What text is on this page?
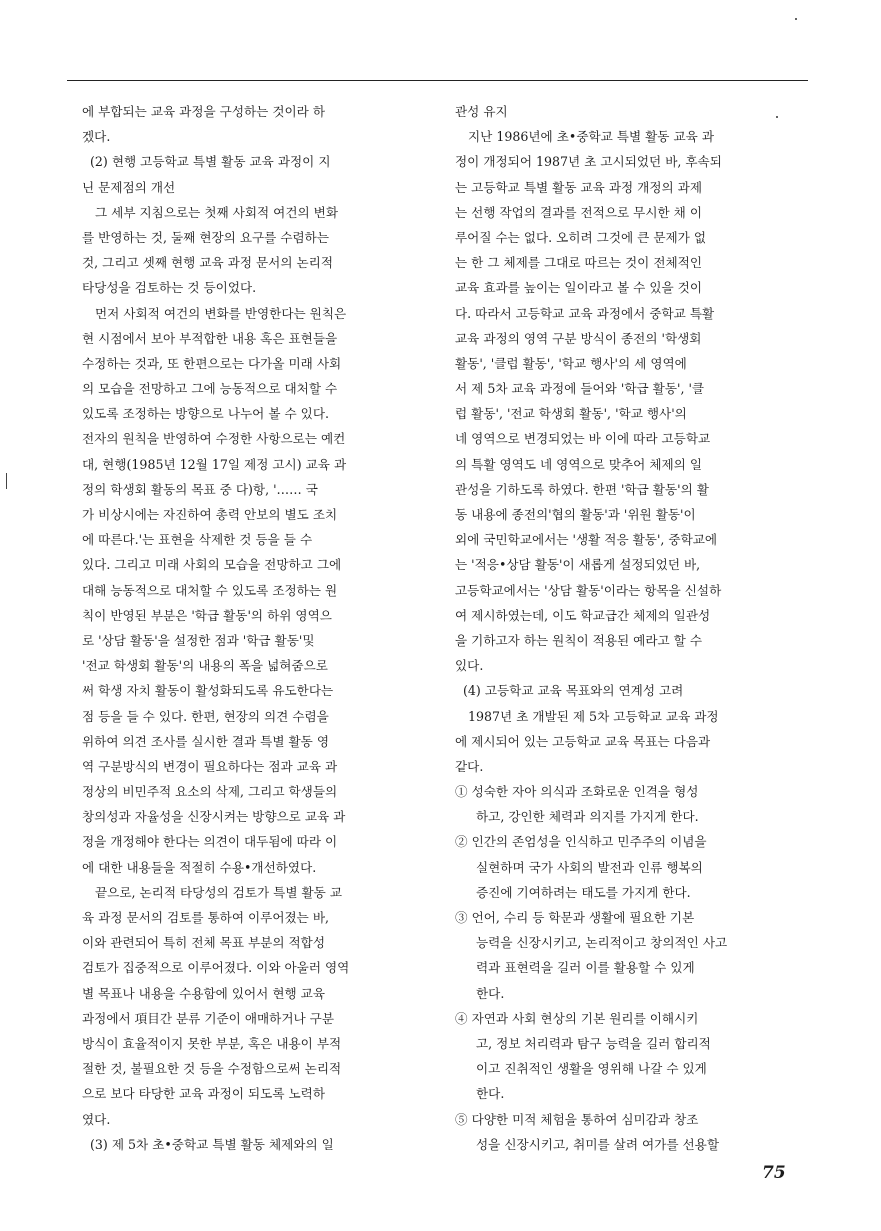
에 부합되는 교육 과정을 구성하는 것이라 하
겠다.
(2) 현행 고등학교 특별 활동 교육 과정이 지
닌 문제점의 개선
그 세부 지침으로는 첫째 사회적 여건의 변화
를 반영하는 것, 둘째 현장의 요구를 수렴하는
것, 그리고 셋째 현행 교육 과정 문서의 논리적
타당성을 검토하는 것 등이었다.
먼저 사회적 여건의 변화를 반영한다는 원칙은
현 시점에서 보아 부적합한 내용 혹은 표현들을
수정하는 것과, 또 한편으로는 다가올 미래 사회
의 모습을 전망하고 그에 능동적으로 대처할 수
있도록 조정하는 방향으로 나누어 볼 수 있다.
전자의 원칙을 반영하여 수정한 사항으로는 예컨
대, 현행(1985년 12월 17일 제정 고시) 교육 과
정의 학생회 활동의 목표 중 다)항, '…… 국
가 비상시에는 자진하여 총력 안보의 별도 조치
에 따른다.'는 표현을 삭제한 것 등을 들 수
있다. 그리고 미래 사회의 모습을 전망하고 그에
대해 능동적으로 대처할 수 있도록 조정하는 원
칙이 반영된 부분은 '학급 활동'의 하위 영역으
로 '상담 활동'을 설정한 점과 '학급 활동'및
'전교 학생회 활동'의 내용의 폭을 넓혀줌으로
써 학생 자치 활동이 활성화되도록 유도한다는
점 등을 들 수 있다. 한편, 현장의 의견 수렴을
위하여 의견 조사를 실시한 결과 특별 활동 영
역 구분방식의 변경이 필요하다는 점과 교육 과
정상의 비민주적 요소의 삭제, 그리고 학생들의
창의성과 자율성을 신장시켜는 방향으로 교육 과
정을 개정해야 한다는 의견이 대두됨에 따라 이
에 대한 내용들을 적절히 수용•개선하였다.
끝으로, 논리적 타당성의 검토가 특별 활동 교
육 과정 문서의 검토를 통하여 이루어졌는 바,
이와 관련되어 특히 전체 목표 부분의 적합성
검토가 집중적으로 이루어졌다. 이와 아울러 영역
별 목표나 내용을 수용함에 있어서 현행 교육
과정에서 項目간 분류 기준이 애매하거나 구분
방식이 효율적이지 못한 부분, 혹은 내용이 부적
절한 것, 불필요한 것 등을 수정함으로써 논리적
으로 보다 타당한 교육 과정이 되도록 노력하
였다.
(3) 제 5차 초•중학교 특별 활동 체제와의 일
관성 유지
지난 1986년에 초•중학교 특별 활동 교육 과
정이 개정되어 1987년 초 고시되었던 바, 후속되
는 고등학교 특별 활동 교육 과정 개정의 과제
는 선행 작업의 결과를 전적으로 무시한 채 이
루어질 수는 없다. 오히려 그것에 큰 문제가 없
는 한 그 체제를 그대로 따르는 것이 전체적인
교육 효과를 높이는 일이라고 볼 수 있을 것이
다. 따라서 고등학교 교육 과정에서 중학교 특활
교육 과정의 영역 구분 방식이 종전의 '학생회
활동', '클럽 활동', '학교 행사'의 세 영역에
서 제 5차 교육 과정에 들어와 '학급 활동', '클
럽 활동', '전교 학생회 활동', '학교 행사'의
네 영역으로 변경되었는 바 이에 따라 고등학교
의 특활 영역도 네 영역으로 맞추어 체제의 일
관성을 기하도록 하였다. 한편 '학급 활동'의 활
동 내용에 종전의'협의 활동'과 '위원 활동'이
외에 국민학교에서는 '생활 적응 활동', 중학교에
는 '적응•상담 활동'이 새롭게 설정되었던 바,
고등학교에서는 '상담 활동'이라는 항목을 신설하
여 제시하였는데, 이도 학교급간 체제의 일관성
을 기하고자 하는 원칙이 적용된 예라고 할 수
있다.
(4) 고등학교 교육 목표와의 연계성 고려
1987년 초 개발된 제 5차 고등학교 교육 과정
에 제시되어 있는 고등학교 교육 목표는 다음과
같다.
① 성숙한 자아 의식과 조화로운 인격을 형성
하고, 강인한 체력과 의지를 가지게 한다.
② 인간의 존엄성을 인식하고 민주주의 이념을
실현하며 국가 사회의 발전과 인류 행복의
증진에 기여하려는 태도를 가지게 한다.
③ 언어, 수리 등 학문과 생활에 필요한 기본
능력을 신장시키고, 논리적이고 창의적인 사고
력과 표현력을 길러 이를 활용할 수 있게
한다.
④ 자연과 사회 현상의 기본 원리를 이해시키
고, 정보 처리력과 탐구 능력을 길러 합리적
이고 진취적인 생활을 영위해 나갈 수 있게
한다.
⑤ 다양한 미적 체험을 통하여 심미감과 창조
성을 신장시키고, 취미를 살려 여가를 선용할
75
